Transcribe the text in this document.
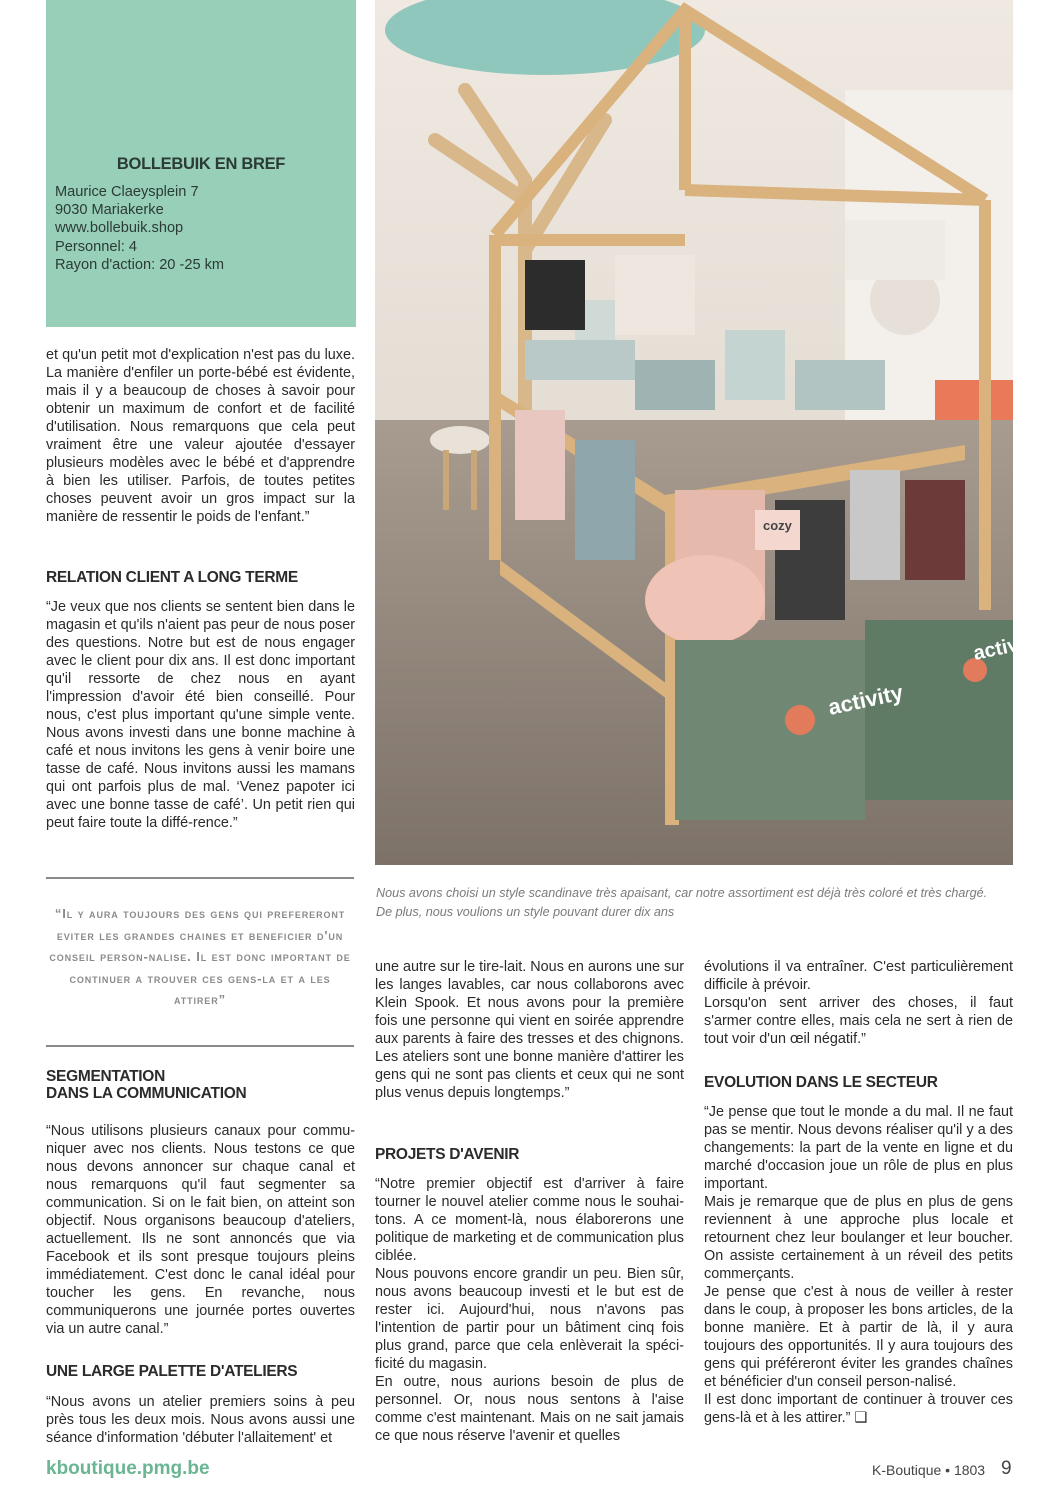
BOLLEBUIK EN BREF
Maurice Claeysplein 7
9030 Mariakerke
www.bollebuik.shop
Personnel: 4
Rayon d'action: 20 -25 km
activity
activity
cozy
et qu'un petit mot d'explication n'est pas du luxe. La manière d'enfiler un porte-bébé est évidente, mais il y a beaucoup de choses à savoir pour obtenir un maximum de confort et de facilité d'utilisation. Nous remarquons que cela peut vraiment être une valeur ajoutée d'essayer plusieurs modèles avec le bébé et d'apprendre à bien les utiliser. Parfois, de toutes petites choses peuvent avoir un gros impact sur la manière de ressentir le poids de l'enfant.”
RELATION CLIENT A LONG TERME
“Je veux que nos clients se sentent bien dans le magasin et qu'ils n'aient pas peur de nous poser des questions. Notre but est de nous engager avec le client pour dix ans. Il est donc important qu'il ressorte de chez nous en ayant l'impression d'avoir été bien conseillé. Pour nous, c'est plus important qu'une simple vente. Nous avons investi dans une bonne machine à café et nous invitons les gens à venir boire une tasse de café. Nous invitons aussi les mamans qui ont parfois plus de mal. ‘Venez papoter ici avec une bonne tasse de café’. Un petit rien qui peut faire toute la diffé-rence.”
“Il y aura toujours des gens qui prefereront eviter les grandes chaines et beneficier d'un conseil person-nalise. Il est donc important de continuer a trouver ces gens-la et a les attirer”
SEGMENTATION
DANS LA COMMUNICATION
“Nous utilisons plusieurs canaux pour commu-niquer avec nos clients. Nous testons ce que nous devons annoncer sur chaque canal et nous remarquons qu'il faut segmenter sa communication. Si on le fait bien, on atteint son objectif. Nous organisons beaucoup d'ateliers, actuellement. Ils ne sont annoncés que via Facebook et ils sont presque toujours pleins immédiatement. C'est donc le canal idéal pour toucher les gens. En revanche, nous communiquerons une journée portes ouvertes via un autre canal.”
UNE LARGE PALETTE D'ATELIERS
“Nous avons un atelier premiers soins à peu près tous les deux mois. Nous avons aussi une séance d'information 'débuter l'allaitement' et
Nous avons choisi un style scandinave très apaisant, car notre assortiment est déjà très coloré et très chargé.
De plus, nous voulions un style pouvant durer dix ans
une autre sur le tire-lait. Nous en aurons une sur les langes lavables, car nous collaborons avec Klein Spook. Et nous avons pour la première fois une personne qui vient en soirée apprendre aux parents à faire des tresses et des chignons. Les ateliers sont une bonne manière d'attirer les gens qui ne sont pas clients et ceux qui ne sont plus venus depuis longtemps.”
PROJETS D'AVENIR

“Notre premier objectif est d'arriver à faire tourner le nouvel atelier comme nous le souhai-tons. A ce moment-là, nous élaborerons une politique de marketing et de communication plus ciblée.

Nous pouvons encore grandir un peu. Bien sûr, nous avons beaucoup investi et le but est de rester ici. Aujourd'hui, nous n'avons pas l'intention de partir pour un bâtiment cinq fois plus grand, parce que cela enlèverait la spéci-ficité du magasin.

En outre, nous aurions besoin de plus de personnel. Or, nous nous sentons à l'aise comme c'est maintenant. Mais on ne sait jamais ce que nous réserve l'avenir et quelles

évolutions il va entraîner. C'est particulièrement difficile à prévoir.

Lorsqu'on sent arriver des choses, il faut s'armer contre elles, mais cela ne sert à rien de tout voir d'un œil négatif.”

EVOLUTION DANS LE SECTEUR

“Je pense que tout le monde a du mal. Il ne faut pas se mentir. Nous devons réaliser qu'il y a des changements: la part de la vente en ligne et du marché d'occasion joue un rôle de plus en plus important.

Mais je remarque que de plus en plus de gens reviennent à une approche plus locale et retournent chez leur boulanger et leur boucher. On assiste certainement à un réveil des petits commerçants.

Je pense que c'est à nous de veiller à rester dans le coup, à proposer les bons articles, de la bonne manière. Et à partir de là, il y aura toujours des opportunités. Il y aura toujours des gens qui préféreront éviter les grandes chaînes et bénéficier d'un conseil person-nalisé.

Il est donc important de continuer à trouver ces gens-là et à les attirer.” ❑

kboutique.pmg.be	K-Boutique • 1803 9
